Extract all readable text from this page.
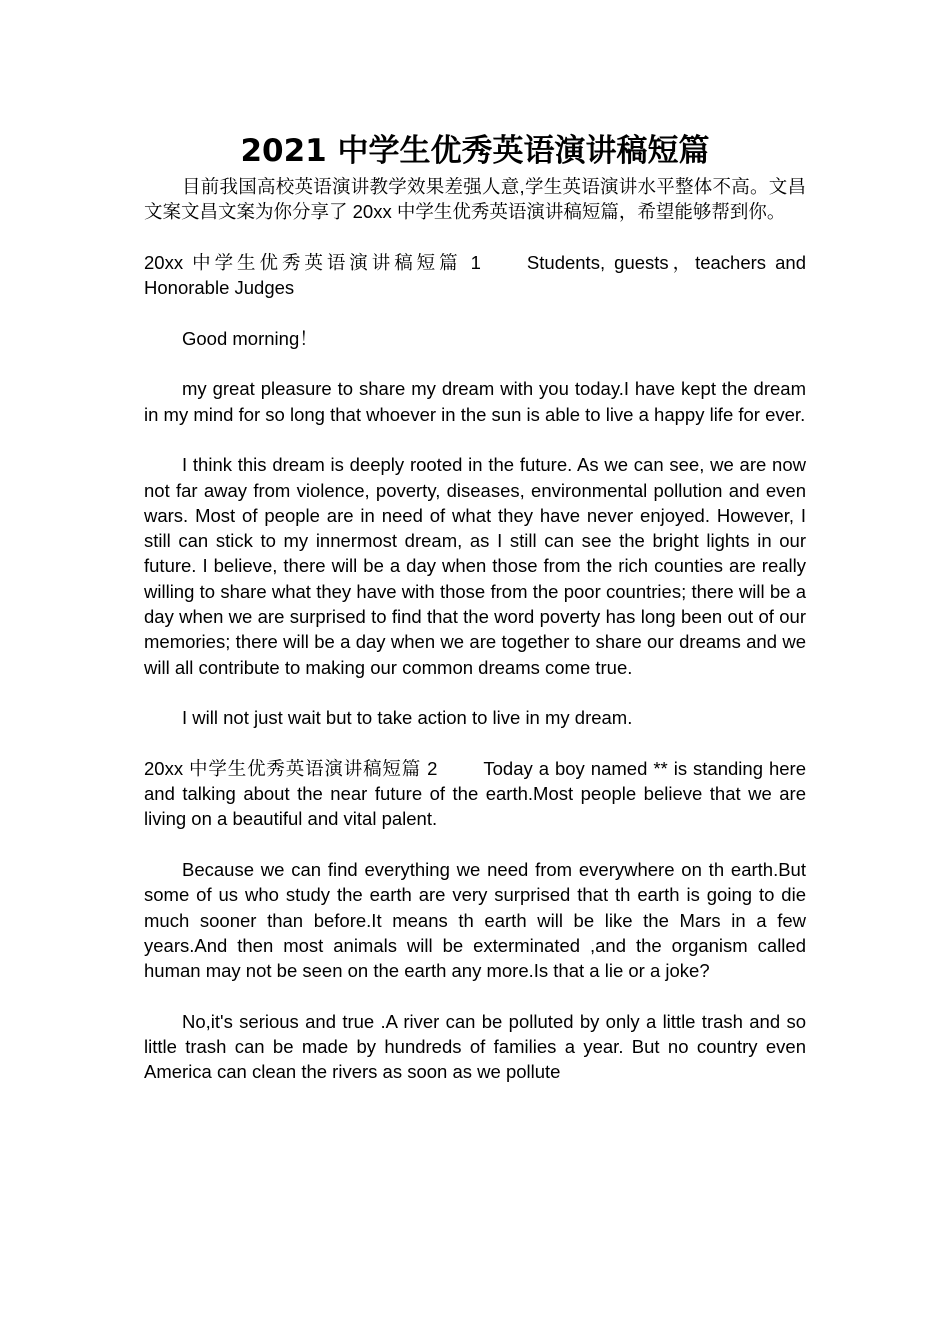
2021 中学生优秀英语演讲稿短篇

目前我国高校英语演讲教学效果差强人意,学生英语演讲水平整体不高。文昌文案文昌文案为你分享了 20xx 中学生优秀英语演讲稿短篇，希望能够帮到你。

20xx 中学生优秀英语演讲稿短篇 1 Students, guests，teachers and Honorable Judges

Good morning！

my great pleasure to share my dream with you today.I have kept the dream in my mind for so long that whoever in the sun is able to live a happy life for ever.

I think this dream is deeply rooted in the future. As we can see, we are now not far away from violence, poverty, diseases, environmental pollution and even wars. Most of people are in need of what they have never enjoyed. However, I still can stick to my innermost dream, as I still can see the bright lights in our future. I believe, there will be a day when those from the rich counties are really willing to share what they have with those from the poor countries; there will be a day when we are surprised to find that the word poverty has long been out of our memories; there will be a day when we are together to share our dreams and we will all contribute to making our common dreams come true.

I will not just wait but to take action to live in my dream.

20xx 中学生优秀英语演讲稿短篇 2 Today a boy named ** is standing here and talking about the near future of the earth.Most people believe that we are living on a beautiful and vital palent.

Because we can find everything we need from everywhere on th earth.But some of us who study the earth are very surprised that th earth is going to die much sooner than before.It means th earth will be like the Mars in a few years.And then most animals will be exterminated ,and the organism called human may not be seen on the earth any more.Is that a lie or a joke?

No,it's serious and true .A river can be polluted by only a little trash and so little trash can be made by hundreds of families a year. But no country even America can clean the rivers as soon as we pollute
